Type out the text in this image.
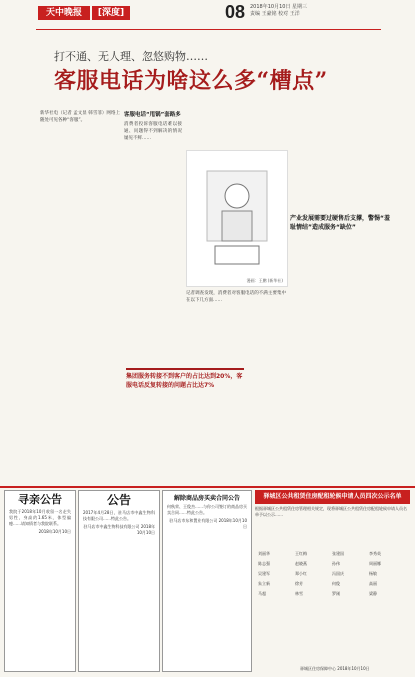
天中晚报	[深度]	08 2018年10月10日 星期三
责编 王豪铭 校对 王洋
打不通、无人理、忽悠购物……
客服电话为啥这么多“槽点”
新华社电（记者 孟文显 韩雪菲）网络上随处可见各种“客服”。
客服电话“甩锅”套路多
消费者投诉客服电话难以接通、问题得不到解决的情况屡见不鲜……
记者调查发现，消费者对客服电话的不满主要集中在以下几方面……
漫画：王鹏 (新华社)
集团服务转接不到客户的占比达到20%，客服电话反复转接的问题占比达7%
产业发展需要过硬售后支撑，警惕“羞耻情结”造成服务“缺位”
寻亲公告
我院于2018年10月收留一名走失男性，身高约1.65米，体型偏瘦……请知情者与我院联系。
2018年10月10日
公告
2017年4月28日，驻马店市中鑫生物科技有限公司……特此公告。
驻马店市中鑫生物科技有限公司 2018年10月10日
解除商品房买卖合同公告
何秋荣、王俊杰……与你公司签订的商品房买卖合同……特此公告。
驻马店市东和置业有限公司 2018年10月10日
驿城区公共租赁住房配租轮候申请人员四次公示名单
根据驿城区公共租赁住房管理相关规定，现将驿城区公共租赁住房配租轮候申请人员名单予以公示……
刘丽华	王红梅	张建国	李秀英
陈志强	赵晓燕	孙伟	周丽娜
吴建军	郑小红	冯国庆	杨敏
朱立新	徐芳	何俊	高丽
马超	林雪	罗刚	梁静
驿城区住房保障中心 2018年10月10日
